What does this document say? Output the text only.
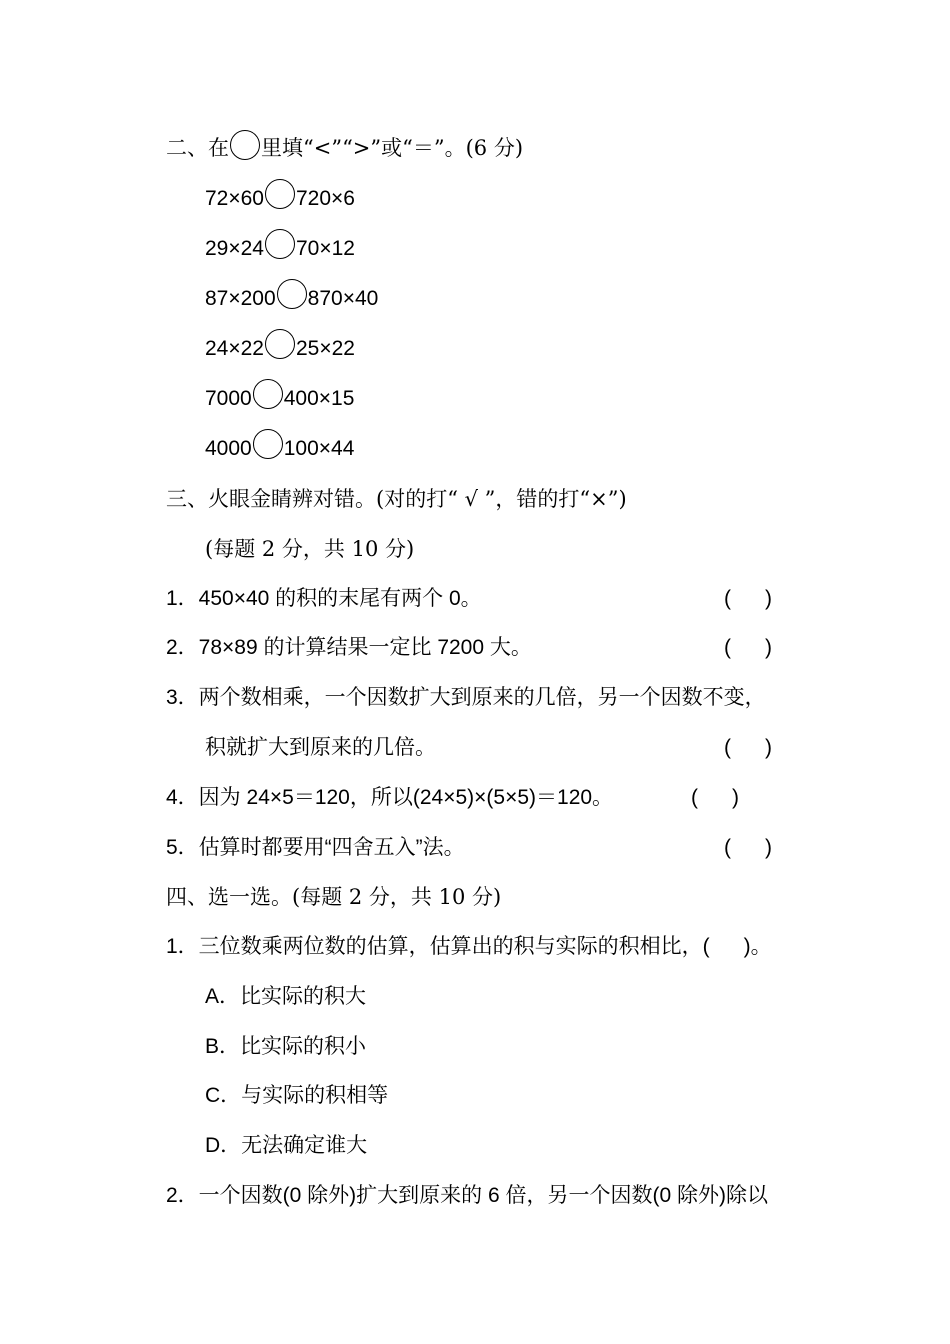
二、在 里填“<”“>”或“＝”。(6 分)
72×60 720×6
29×24 70×12
87×200 870×40
24×22 25×22
7000 400×15
4000 100×44
三、火眼金睛辨对错。(对的打“ √ ”，错的打“×”)
(每题 2 分，共 10 分)
1．450×40 的积的末尾有两个 0。	( )
2．78×89 的计算结果一定比 7200 大。	( )
3．两个数相乘，一个因数扩大到原来的几倍，另一个因数不变，
积就扩大到原来的几倍。	( )
4．因为 24×5＝120，所以(24×5)×(5×5)＝120。	( )
5．估算时都要用“四舍五入”法。	( )
四、选一选。(每题 2 分，共 10 分)
1．三位数乘两位数的估算，估算出的积与实际的积相比，( )。
A．比实际的积大
B．比实际的积小
C．与实际的积相等
D．无法确定谁大
2．一个因数(0 除外)扩大到原来的 6 倍，另一个因数(0 除外)除以
